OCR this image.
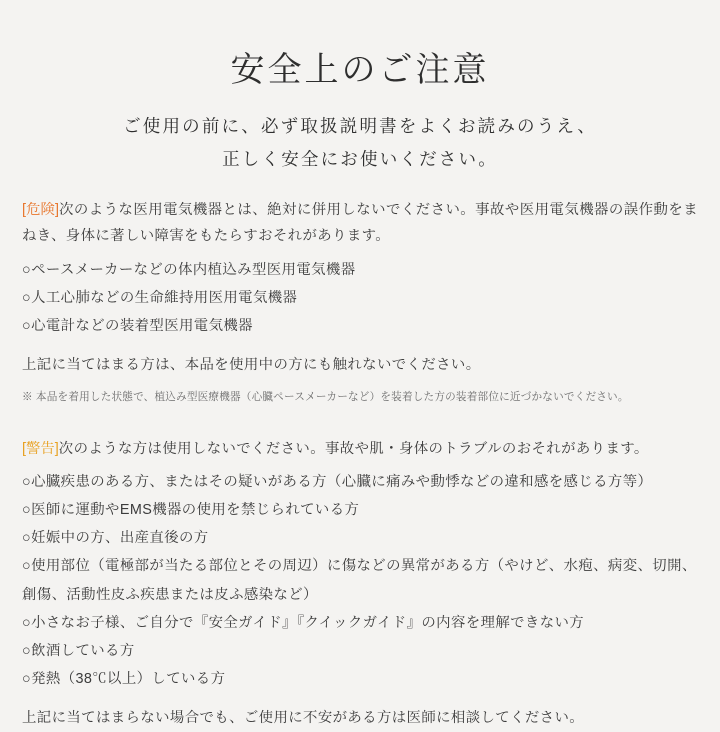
安全上のご注意
ご使用の前に、必ず取扱説明書をよくお読みのうえ、
正しく安全にお使いください。

[危険]次のような医用電気機器とは、絶対に併用しないでください。事故や医用電気機器の誤作動をまねき、身体に著しい障害をもたらすおそれがあります。

○ペースメーカーなどの体内植込み型医用電気機器
○人工心肺などの生命維持用医用電気機器
○心電計などの装着型医用電気機器

上記に当てはまる方は、本品を使用中の方にも触れないでください。

※ 本品を着用した状態で、植込み型医療機器（心臓ペースメーカーなど）を装着した方の装着部位に近づかないでください。

[警告]次のような方は使用しないでください。事故や肌・身体のトラブルのおそれがあります。

○心臓疾患のある方、またはその疑いがある方（心臓に痛みや動悸などの違和感を感じる方等）
○医師に運動やEMS機器の使用を禁じられている方
○妊娠中の方、出産直後の方
○使用部位（電極部が当たる部位とその周辺）に傷などの異常がある方（やけど、水疱、病変、切開、創傷、活動性皮ふ疾患または皮ふ感染など）
○小さなお子様、ご自分で『安全ガイド』『クイックガイド』の内容を理解できない方
○飲酒している方
○発熱（38℃以上）している方

上記に当てはまらない場合でも、ご使用に不安がある方は医師に相談してください。
